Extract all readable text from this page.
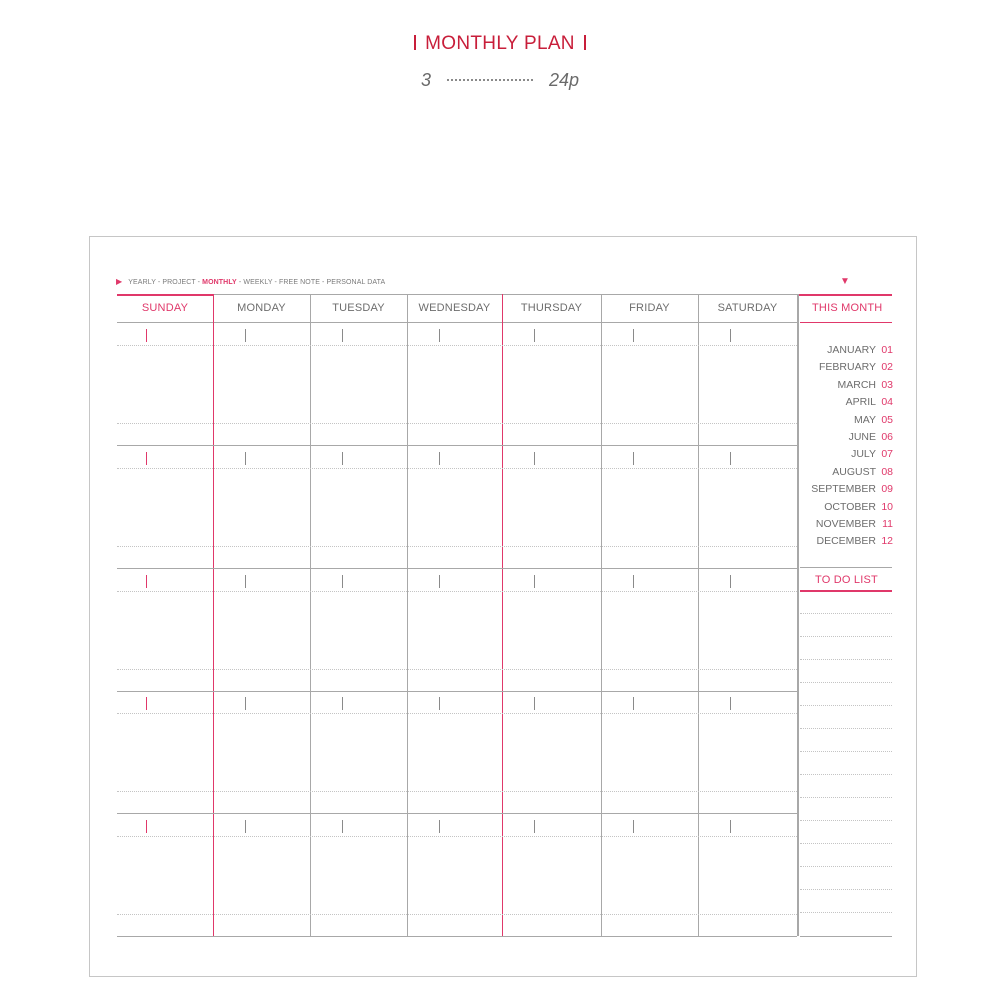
MONTHLY PLAN
3	24p
▶ YEARLY - PROJECT - MONTHLY - WEEKLY - FREE NOTE - PERSONAL DATA	▼
SUNDAY	MONDAY	TUESDAY	WEDNESDAY	THURSDAY	FRIDAY	SATURDAY	THIS MONTH
JANUARY 01
FEBRUARY 02
MARCH 03
APRIL 04
MAY 05
JUNE 06
JULY 07
AUGUST 08
SEPTEMBER 09
OCTOBER 10
NOVEMBER 11
DECEMBER 12
TO DO LIST
